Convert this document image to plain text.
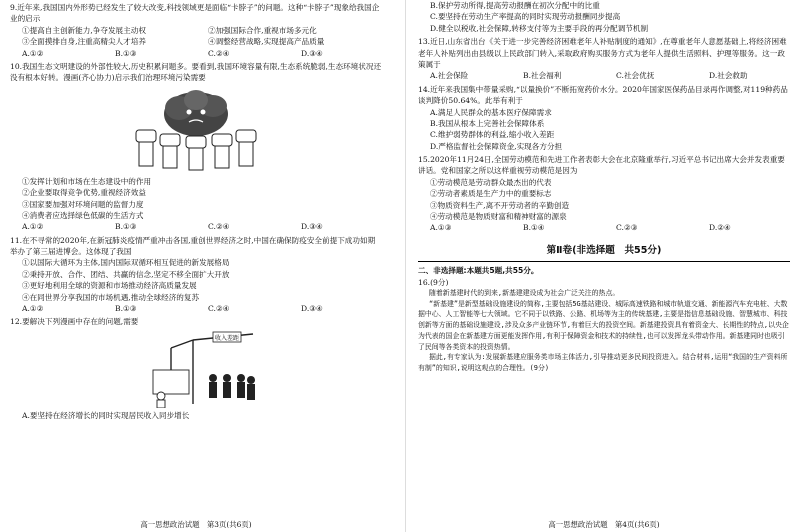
9.近年来,我国国内外形势已经发生了较大改变,科技领域更是面临“卡脖子”的问题。这种“卡脖子”现象给我国企业的启示

①提高自主创新能力,争夺发展主动权	②加强国际合作,重视市场多元化
③全面摸排自身,注重高精尖人才培养	④调整经营战略,实现提高产品质量
A.①②	B.①③	C.②④	D.③④

10.我国生态文明建设的外部性较大,历史积累问题多。要看到,我国环境容量有限,生态系统脆弱,生态环境状况还没有根本好转。漫画(齐心协力)启示我们治理环境污染需要

①发挥计划和市场在生态建设中的作用

②企业要取得竞争优势,重视经济效益

③国家要加强对环境问题的监督力度

④消费者应选择绿色低碳的生活方式

A.①②	B.①③	C.②④	D.③④

11.在不寻常的2020年,在新冠肺炎疫情严重冲击各国,重创世界经济之时,中国在确保防疫安全前提下成功如期举办了第三届进博会。这体现了我国

①以国际大循环为主体,国内国际双循环相互促进的新发展格局

②秉持开放、合作、团结、共赢的信念,坚定不移全面扩大开放

③更好地利用全球的资源和市场推动经济高质量发展

④在同世界分享我国的市场机遇,推动全球经济的复苏

A.①②	B.①③	C.②④	D.③④

12.要解决下列漫画中存在的问题,需要

收入差距

A.要坚持在经济增长的同时实现居民收入同步增长

高一思想政治试题　第3页(共6页)

B.保护劳动所得,提高劳动报酬在初次分配中的比重

C.要坚持在劳动生产率提高的同时实现劳动报酬同步提高

D.健全以税收,社会保障,转移支付等为主要手段的再分配调节机制

13.近日,山东省出台《关于进一步完善经济困难老年人补贴制度的通知》,在尊重老年人意愿基础上,将经济困难老年人补贴列出由县级以上民政部门转入,采取政府购买服务方式为老年人提供生活照料、护理等服务。这一政策属于

A.社会保险	B.社会福利	C.社会优抚	D.社会救助

14.近年来我国集中带量采购,“以量换价”不断拓宽药价水分。2020年国家医保药品目录再作调整,对119种药品谈判降价50.64%。此举有利于

A.满足人民群众的基本医疗保障需求

B.我国从根本上完善社会保障体系

C.维护弱势群体的利益,缩小收入差距

D.严格监督社会保障资金,实现各方分担

15.2020年11月24日,全国劳动模范和先进工作者表彰大会在北京隆重举行,习近平总书记出席大会并发表重要讲话。党和国家之所以这样重视劳动模范是因为

①劳动模范是劳动群众最杰出的代表

②劳动者素质是生产力中的重要标志

③物质资料生产,离不开劳动者的辛勤创造

④劳动模范是物质财富和精神财富的源泉

A.①③	B.①④	C.②③	D.②④
第Ⅱ卷(非选择题　共55分)

二、非选择题:本题共5题,共55分。

16.(9分)

随着新基建时代的到来,新基建建设成为社会广泛关注的热点。

“新基建”是新型基础设施建设的简称,主要包括5G基站建设、城际高速铁路和城市轨道交通、新能源汽车充电桩、大数据中心、人工智能等七大领域。它不同于以铁路、公路、机场等为主的传统基建,主要是指信息基础设施、智慧城市、科技创新等方面的基础设施建设,涉及众多产业链环节,有着巨大的投资空间。新基建投资具有着资金大、长期性的特点,以央企为代表的国企在新基建方面更能发挥作用,有利于保障资金和技术的持续性,也可以发挥龙头带动作用。新基建同时也吸引了民间等各类资本的投资热情。

据此,有专家认为:发展新基建应服务类市场主体活力,引导推动更多民间投资进入。结合材料,运用“我国的生产资料所有制”的知识,说明这观点的合理性。(9分)

高一思想政治试题　第4页(共6页)
